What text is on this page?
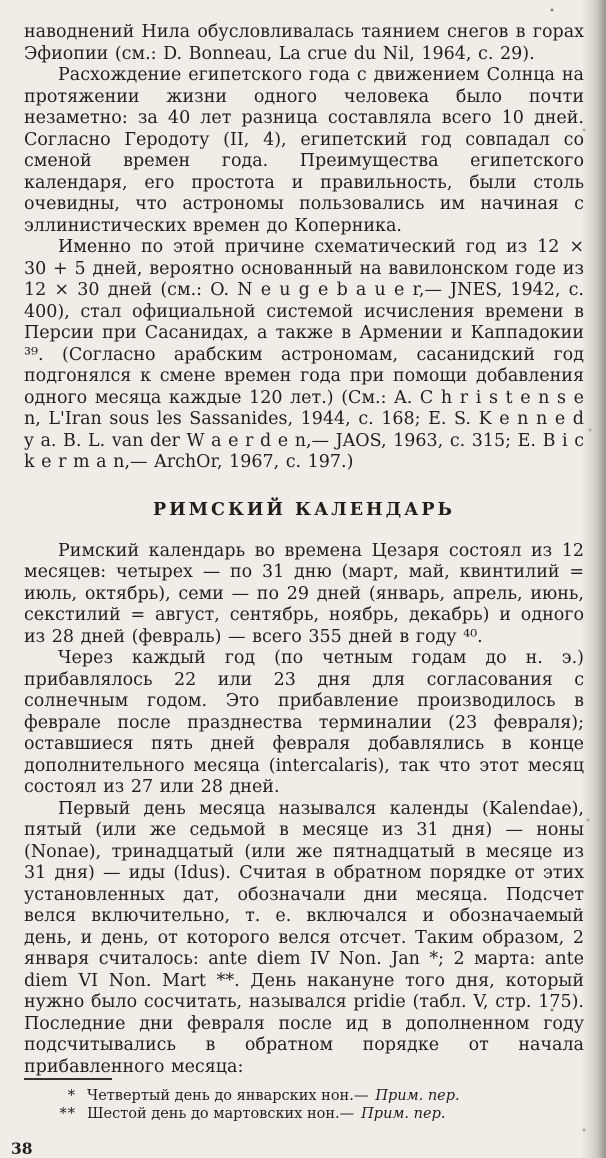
наводнений Нила обусловливалась таянием снегов в горах Эфиопии (см.: D. Bonneau, La crue du Nil, 1964, с. 29).

Расхождение египетского года с движением Солнца на протяжении жизни одного человека было почти незаметно: за 40 лет разница составляла всего 10 дней. Согласно Геродоту (II, 4), египетский год совпадал со сменой времен года. Преимущества египетского календаря, его простота и правильность, были столь очевидны, что астрономы пользовались им начиная с эллинистических времен до Коперника.

Именно по этой причине схематический год из 12 × 30 + 5 дней, вероятно основанный на вавилонском годе из 12 × 30 дней (см.: O. N e u g e b a u e r,— JNES, 1942, с. 400), стал официальной системой исчисления времени в Персии при Сасанидах, а также в Армении и Каппадокии ³⁹. (Согласно арабским астрономам, сасанидский год подгонялся к смене времен года при помощи добавления одного месяца каждые 120 лет.) (См.: A. C h r i s t e n s e n, L'Iran sous les Sassanides, 1944, с. 168; E. S. K e n n e d y a. B. L. van der W a e r d e n,— JAOS, 1963, с. 315; E. B i c k e r m a n,— ArchOr, 1967, с. 197.)

РИМСКИЙ КАЛЕНДАРЬ

Римский календарь во времена Цезаря состоял из 12 месяцев: четырех — по 31 дню (март, май, квинтилий = июль, октябрь), семи — по 29 дней (январь, апрель, июнь, секстилий = август, сентябрь, ноябрь, декабрь) и одного из 28 дней (февраль) — всего 355 дней в году ⁴⁰.

Через каждый год (по четным годам до н. э.) прибавлялось 22 или 23 дня для согласования с солнечным годом. Это прибавление производилось в феврале после празднества терминалии (23 февраля); оставшиеся пять дней февраля добавлялись в конце дополнительного месяца (intercalaris), так что этот месяц состоял из 27 или 28 дней.

Первый день месяца назывался календы (Kalendae), пятый (или же седьмой в месяце из 31 дня) — ноны (Nonae), тринадцатый (или же пятнадцатый в месяце из 31 дня) — иды (Idus). Считая в обратном порядке от этих установленных дат, обозначали дни месяца. Подсчет велся включительно, т. е. включался и обозначаемый день, и день, от которого велся отсчет. Таким образом, 2 января считалось: ante diem IV Non. Jan *; 2 марта: ante diem VI Non. Mart **. День накануне того дня, который нужно было сосчитать, назывался pridie (табл. V, стр. 175). Последние дни февраля после ид в дополненном году подсчитывались в обратном порядке от начала прибавленного месяца:

* Четвертый день до январских нон.— Прим. пер.
** Шестой день до мартовских нон.— Прим. пер.
38
